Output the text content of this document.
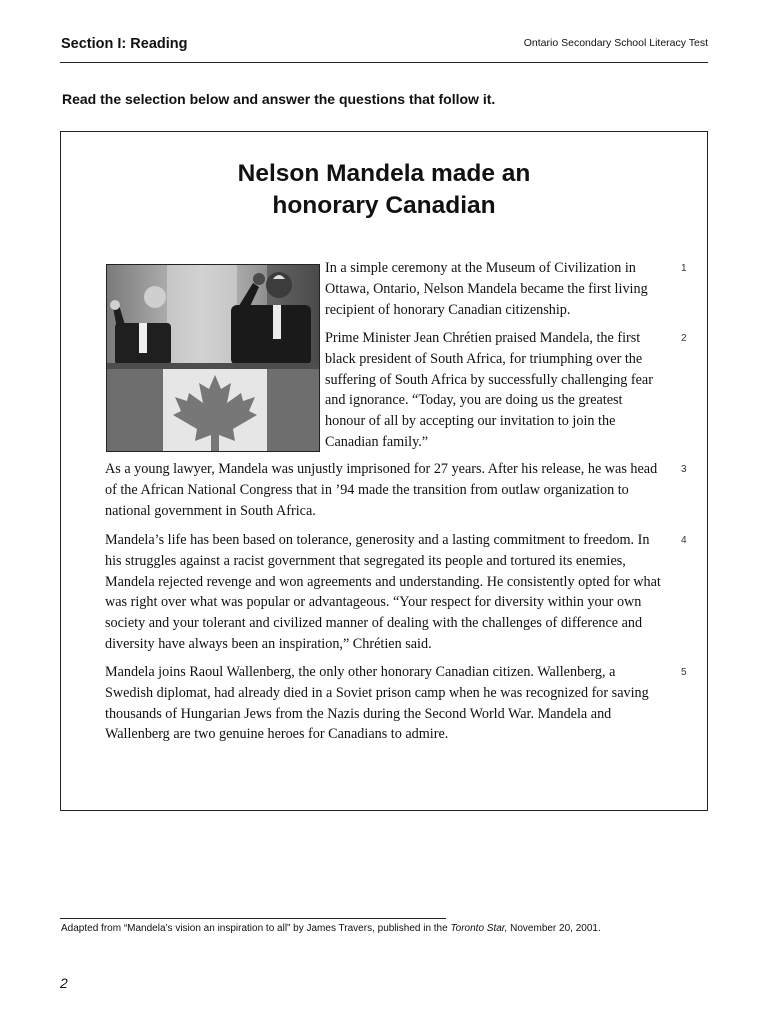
Section I: Reading	Ontario Secondary School Literacy Test

Read the selection below and answer the questions that follow it.

Nelson Mandela made an
honorary Canadian

In a simple ceremony at the Museum of Civilization in Ottawa, Ontario, Nelson Mandela became the first living recipient of honorary Canadian citizenship.

1

Prime Minister Jean Chrétien praised Mandela, the first black president of South Africa, for triumphing over the suffering of South Africa by successfully challenging fear and ignorance. “Today, you are doing us the greatest honour of all by accepting our invitation to join the Canadian family.”

2

As a young lawyer, Mandela was unjustly imprisoned for 27 years. After his release, he was head of the African National Congress that in ’94 made the transition from outlaw organization to national government in South Africa.

3

Mandela’s life has been based on tolerance, generosity and a lasting commitment to freedom. In his struggles against a racist government that segregated its people and tortured its enemies, Mandela rejected revenge and won agreements and understanding. He consistently opted for what was right over what was popular or advantageous. “Your respect for diversity within your own society and your tolerant and civilized manner of dealing with the challenges of difference and diversity have always been an inspiration,” Chrétien said.

4

Mandela joins Raoul Wallenberg, the only other honorary Canadian citizen. Wallenberg, a Swedish diplomat, had already died in a Soviet prison camp when he was recognized for saving thousands of Hungarian Jews from the Nazis during the Second World War. Mandela and Wallenberg are two genuine heroes for Canadians to admire.

5

Adapted from “Mandela’s vision an inspiration to all” by James Travers, published in the Toronto Star, November 20, 2001.

2
